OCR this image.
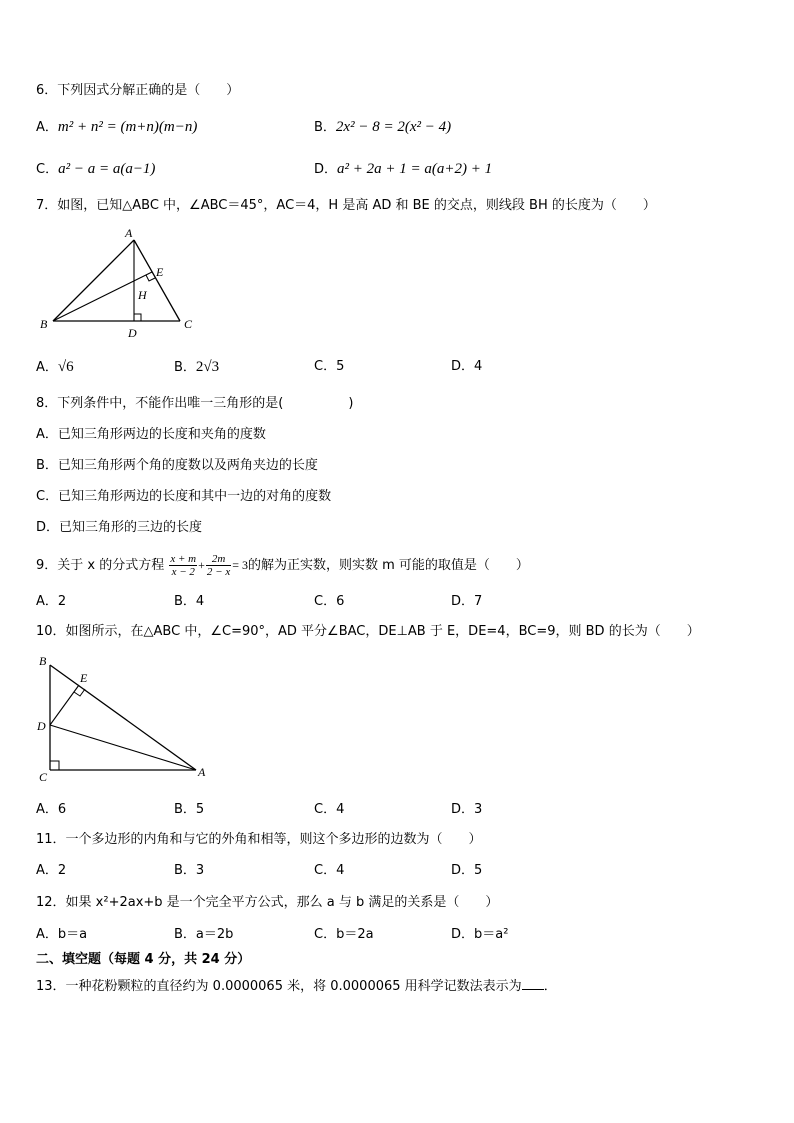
6．下列因式分解正确的是（　　）
A．m² + n² = (m+n)(m−n)	B．2x² − 8 = 2(x² − 4)
C．a² − a = a(a−1)	D．a² + 2a + 1 = a(a+2) + 1
7．如图，已知△ABC 中，∠ABC＝45°，AC＝4，H 是高 AD 和 BE 的交点，则线段 BH 的长度为（　　）
A
B	C
D
E
H
A．√6	B．2√3	C．5	D．4
8．下列条件中，不能作出唯一三角形的是(　　　　　)
A．已知三角形两边的长度和夹角的度数
B．已知三角形两个角的度数以及两角夹边的长度
C．已知三角形两边的长度和其中一边的对角的度数
D．已知三角形的三边的长度
9．关于 x 的分式方程 $\frac{x + m}{x - 2} + \frac{2m}{2 - x} = 3$的解为正实数，则实数 m 可能的取值是（　　）
A．2	B．4	C．6	D．7
10．如图所示，在△ABC 中，∠C=90°，AD 平分∠BAC，DE⊥AB 于 E，DE=4，BC=9，则 BD 的长为（　　）
B
E
D
C	A
A．6	B．5	C．4	D．3
11．一个多边形的内角和与它的外角和相等，则这个多边形的边数为（　　）
A．2	B．3	C．4	D．5
12．如果 x²+2ax+b 是一个完全平方公式，那么 a 与 b 满足的关系是（　　）
A．b＝a	B．a＝2b	C．b＝2a	D．b＝a²
二、填空题（每题 4 分，共 24 分）
13．一种花粉颗粒的直径约为 0.0000065 米，将 0.0000065 用科学记数法表示为 ．
